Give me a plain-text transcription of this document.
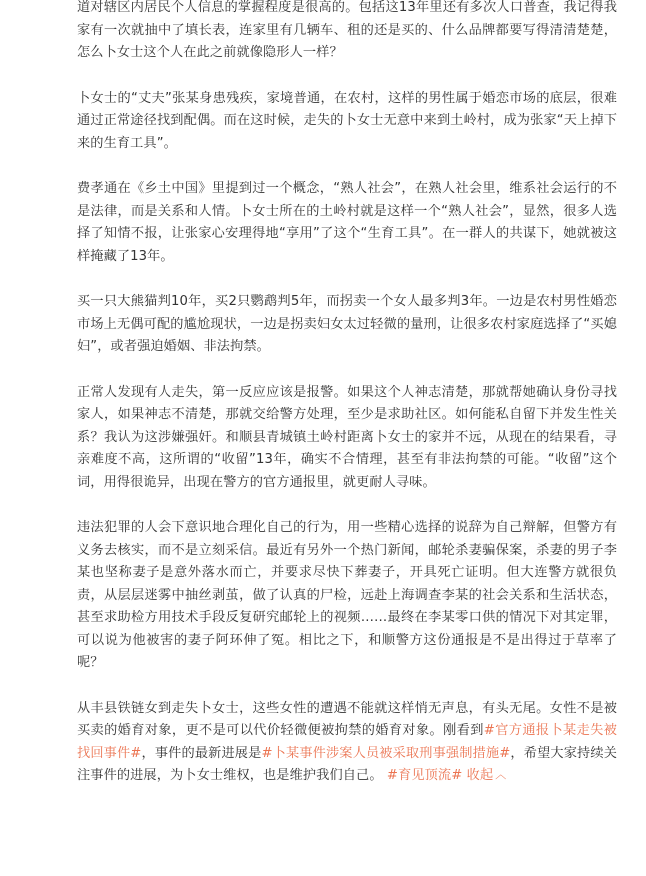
道对辖区内居民个人信息的掌握程度是很高的。包括这13年里还有多次人口普查，我记得我家有一次就抽中了填长表，连家里有几辆车、租的还是买的、什么品牌都要写得清清楚楚，怎么卜女士这个人在此之前就像隐形人一样？

卜女士的“丈夫”张某身患残疾，家境普通，在农村，这样的男性属于婚恋市场的底层，很难通过正常途径找到配偶。而在这时候，走失的卜女士无意中来到土岭村，成为张家“天上掉下来的生育工具”。

费孝通在《乡土中国》里提到过一个概念，“熟人社会”，在熟人社会里，维系社会运行的不是法律，而是关系和人情。卜女士所在的土岭村就是这样一个“熟人社会”，显然，很多人选择了知情不报，让张家心安理得地“享用”了这个“生育工具”。在一群人的共谋下，她就被这样掩藏了13年。

买一只大熊猫判10年，买2只鹦鹉判5年，而拐卖一个女人最多判3年。一边是农村男性婚恋市场上无偶可配的尴尬现状，一边是拐卖妇女太过轻微的量刑，让很多农村家庭选择了“买媳妇”，或者强迫婚姻、非法拘禁。

正常人发现有人走失，第一反应应该是报警。如果这个人神志清楚，那就帮她确认身份寻找家人，如果神志不清楚，那就交给警方处理，至少是求助社区。如何能私自留下并发生性关系？我认为这涉嫌强奸。和顺县青城镇土岭村距离卜女士的家并不远，从现在的结果看，寻亲难度不高，这所谓的“收留”13年，确实不合情理，甚至有非法拘禁的可能。“收留”这个词，用得很诡异，出现在警方的官方通报里，就更耐人寻味。

违法犯罪的人会下意识地合理化自己的行为，用一些精心选择的说辞为自己辩解，但警方有义务去核实，而不是立刻采信。最近有另外一个热门新闻，邮轮杀妻骗保案，杀妻的男子李某也坚称妻子是意外落水而亡，并要求尽快下葬妻子，开具死亡证明。但大连警方就很负责，从层层迷雾中抽丝剥茧，做了认真的尸检，远赴上海调查李某的社会关系和生活状态，甚至求助检方用技术手段反复研究邮轮上的视频……最终在李某零口供的情况下对其定罪，可以说为他被害的妻子阿环伸了冤。相比之下，和顺警方这份通报是不是出得过于草率了呢？

从丰县铁链女到走失卜女士，这些女性的遭遇不能就这样悄无声息，有头无尾。女性不是被买卖的婚育对象，更不是可以代价轻微便被拘禁的婚育对象。刚看到#官方通报卜某走失被找回事件#，事件的最新进展是#卜某事件涉案人员被采取刑事强制措施#，希望大家持续关注事件的进展，为卜女士维权，也是维护我们自己。 #育见顶流# 收起 ︿
